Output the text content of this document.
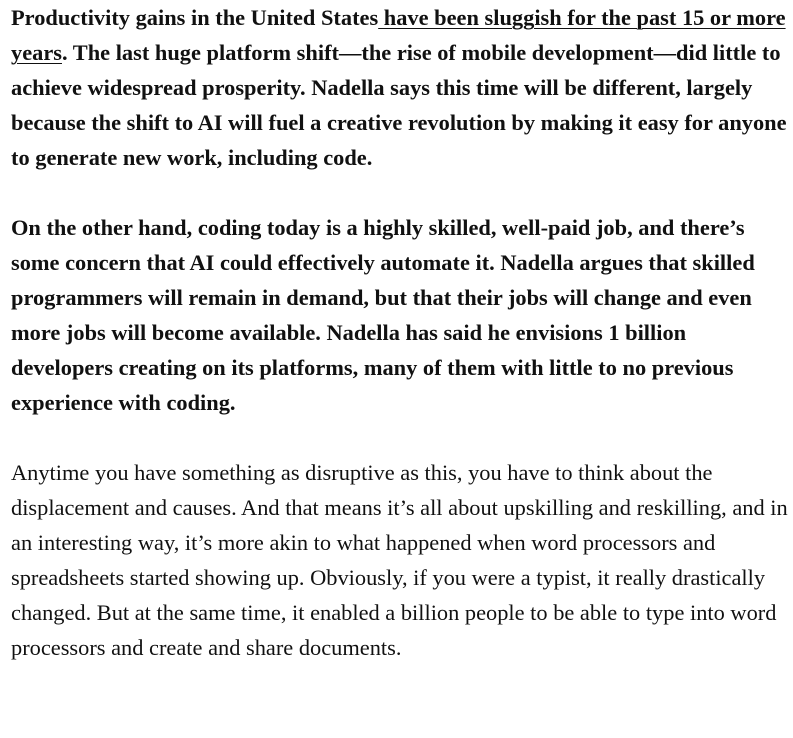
Productivity gains in the United States have been sluggish for the past 15 or more years. The last huge platform shift—the rise of mobile development—did little to achieve widespread prosperity. Nadella says this time will be different, largely because the shift to AI will fuel a creative revolution by making it easy for anyone to generate new work, including code.

On the other hand, coding today is a highly skilled, well-paid job, and there’s some concern that AI could effectively automate it. Nadella argues that skilled programmers will remain in demand, but that their jobs will change and even more jobs will become available. Nadella has said he envisions 1 billion developers creating on its platforms, many of them with little to no previous experience with coding.

Anytime you have something as disruptive as this, you have to think about the displacement and causes. And that means it’s all about upskilling and reskilling, and in an interesting way, it’s more akin to what happened when word processors and spreadsheets started showing up. Obviously, if you were a typist, it really drastically changed. But at the same time, it enabled a billion people to be able to type into word processors and create and share documents.
